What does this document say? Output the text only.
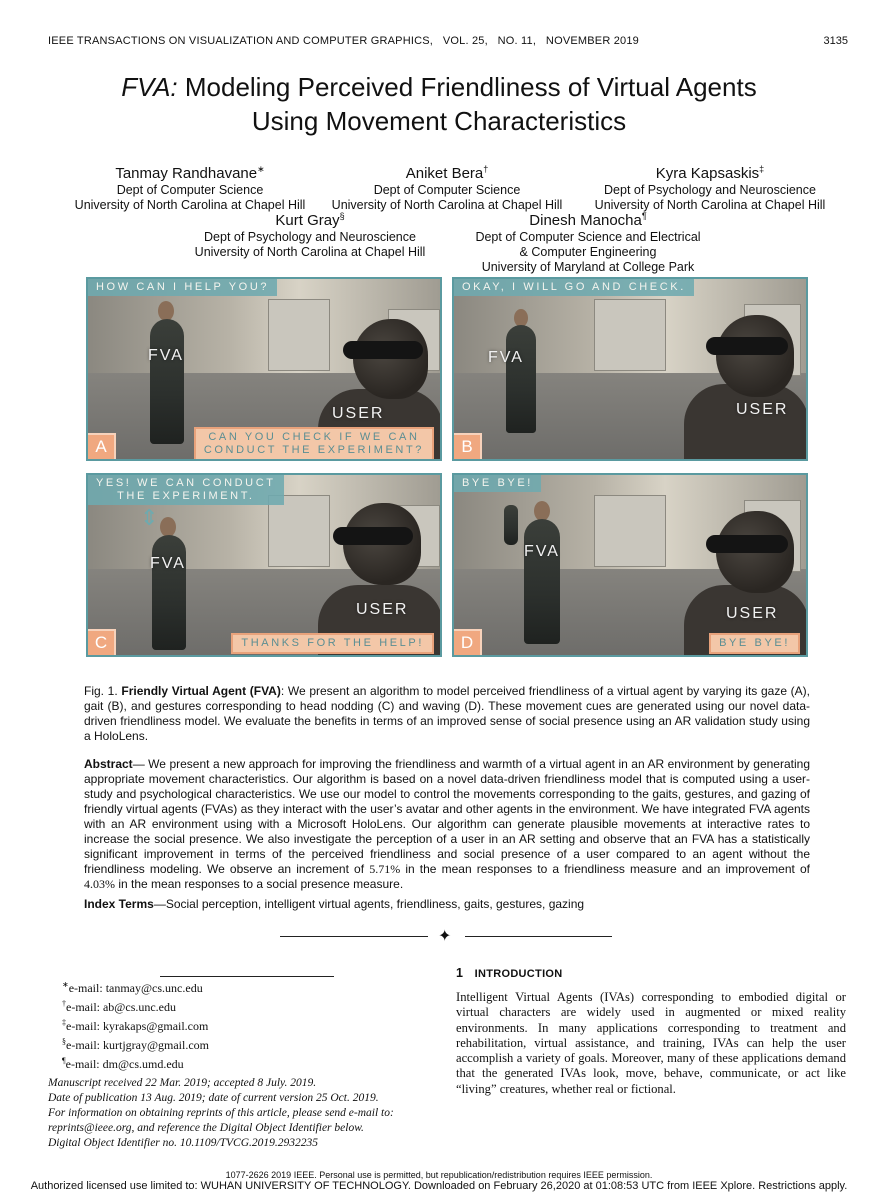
IEEE TRANSACTIONS ON VISUALIZATION AND COMPUTER GRAPHICS, VOL. 25, NO. 11, NOVEMBER 2019	3135
FVA: Modeling Perceived Friendliness of Virtual Agents
Using Movement Characteristics
Tanmay Randhavane∗
Dept of Computer Science
University of North Carolina at Chapel Hill
Aniket Bera†
Dept of Computer Science
University of North Carolina at Chapel Hill
Kyra Kapsaskis‡
Dept of Psychology and Neuroscience
University of North Carolina at Chapel Hill
Kurt Gray§
Dept of Psychology and Neuroscience
University of North Carolina at Chapel Hill
Dinesh Manocha¶
Dept of Computer Science and Electrical
& Computer Engineering
University of Maryland at College Park
HOW CAN I HELP YOU?
FVA
USER
CAN YOU CHECK IF WE CAN
CONDUCT THE EXPERIMENT?
A
OKAY, I WILL GO AND CHECK.
FVA
USER
B
YES! WE CAN CONDUCT
THE EXPERIMENT.
⇕
FVA
USER
THANKS FOR THE HELP!
C
BYE BYE!
FVA
USER
BYE BYE!
D
Fig. 1. Friendly Virtual Agent (FVA): We present an algorithm to model perceived friendliness of a virtual agent by varying its gaze (A), gait (B), and gestures corresponding to head nodding (C) and waving (D). These movement cues are generated using our novel data-driven friendliness model. We evaluate the benefits in terms of an improved sense of social presence using an AR validation study using a HoloLens.
Abstract— We present a new approach for improving the friendliness and warmth of a virtual agent in an AR environment by generating appropriate movement characteristics. Our algorithm is based on a novel data-driven friendliness model that is computed using a user-study and psychological characteristics. We use our model to control the movements corresponding to the gaits, gestures, and gazing of friendly virtual agents (FVAs) as they interact with the user’s avatar and other agents in the environment. We have integrated FVA agents with an AR environment using with a Microsoft HoloLens. Our algorithm can generate plausible movements at interactive rates to increase the social presence. We also investigate the perception of a user in an AR setting and observe that an FVA has a statistically significant improvement in terms of the perceived friendliness and social presence of a user compared to an agent without the friendliness modeling. We observe an increment of 5.71% in the mean responses to a friendliness measure and an improvement of 4.03% in the mean responses to a social presence measure.
Index Terms—Social perception, intelligent virtual agents, friendliness, gaits, gestures, gazing
✦
∗e-mail: tanmay@cs.unc.edu
†e-mail: ab@cs.unc.edu
‡e-mail: kyrakaps@gmail.com
§e-mail: kurtjgray@gmail.com
¶e-mail: dm@cs.umd.edu
Manuscript received 22 Mar. 2019; accepted 8 July. 2019.
Date of publication 13 Aug. 2019; date of current version 25 Oct. 2019.
For information on obtaining reprints of this article, please send e-mail to:
reprints@ieee.org, and reference the Digital Object Identifier below.
Digital Object Identifier no. 10.1109/TVCG.2019.2932235
1 INTRODUCTION
Intelligent Virtual Agents (IVAs) corresponding to embodied digital or virtual characters are widely used in augmented or mixed reality environments. In many applications corresponding to treatment and rehabilitation, virtual assistance, and training, IVAs can help the user accomplish a variety of goals. Moreover, many of these applications demand that the generated IVAs look, move, behave, communicate, or act like “living” creatures, whether real or fictional.
1077-2626 2019 IEEE. Personal use is permitted, but republication/redistribution requires IEEE permission.
Authorized licensed use limited to: WUHAN UNIVERSITY OF TECHNOLOGY. Downloaded on February 26,2020 at 01:08:53 UTC from IEEE Xplore. Restrictions apply.
